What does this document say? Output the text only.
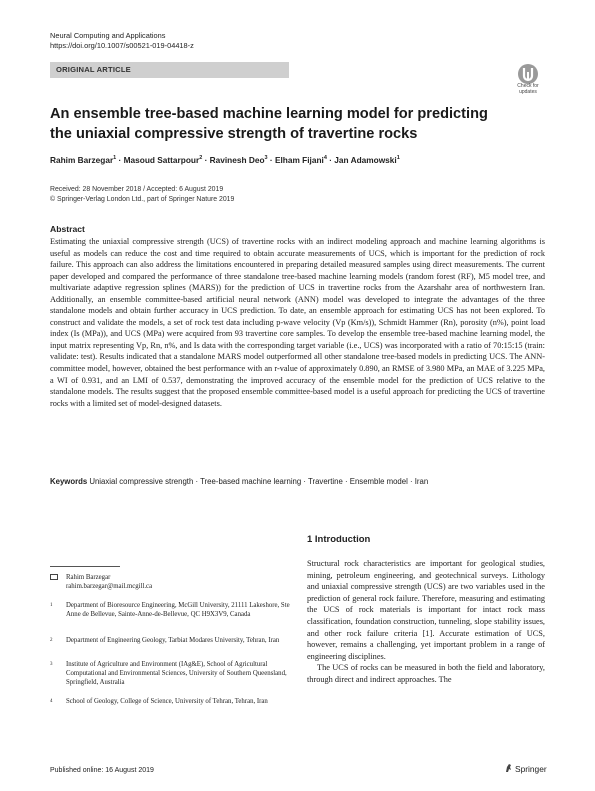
Neural Computing and Applications
https://doi.org/10.1007/s00521-019-04418-z
ORIGINAL ARTICLE
Check for
updates
An ensemble tree-based machine learning model for predicting
the uniaxial compressive strength of travertine rocks
Rahim Barzegar$^1$ · Masoud Sattarpour$^2$ · Ravinesh Deo$^3$ · Elham Fijani$^4$ · Jan Adamowski$^1$
Received: 28 November 2018 / Accepted: 6 August 2019
© Springer-Verlag London Ltd., part of Springer Nature 2019
Abstract
Estimating the uniaxial compressive strength (UCS) of travertine rocks with an indirect modeling approach and machine learning algorithms is useful as models can reduce the cost and time required to obtain accurate measurements of UCS, which is important for the prediction of rock failure. This approach can also address the limitations encountered in preparing detailed measured samples using direct measurements. The current paper developed and compared the performance of three standalone tree-based machine learning models (random forest (RF), M5 model tree, and multivariate adaptive regression splines (MARS)) for the prediction of UCS in travertine rocks from the Azarshahr area of northwestern Iran. Additionally, an ensemble committee-based artificial neural network (ANN) model was developed to integrate the advantages of the three standalone models and obtain further accuracy in UCS prediction. To date, an ensemble approach for estimating UCS has not been explored. To construct and validate the models, a set of rock test data including p-wave velocity (Vp (Km/s)), Schmidt Hammer (Rn), porosity (n%), point load index (Is (MPa)), and UCS (MPa) were acquired from 93 travertine core samples. To develop the ensemble tree-based machine learning model, the input matrix representing Vp, Rn, n%, and Is data with the corresponding target variable (i.e., UCS) was incorporated with a ratio of 70:15:15 (train: validate: test). Results indicated that a standalone MARS model outperformed all other standalone tree-based models in predicting UCS. The ANN-committee model, however, obtained the best performance with an r-value of approximately 0.890, an RMSE of 3.980 MPa, an MAE of 3.225 MPa, a WI of 0.931, and an LMI of 0.537, demonstrating the improved accuracy of the ensemble model for the prediction of UCS relative to the standalone models. The results suggest that the proposed ensemble committee-based model is a useful approach for predicting the UCS of travertine rocks with a limited set of model-designed datasets.
Keywords Uniaxial compressive strength · Tree-based machine learning · Travertine · Ensemble model · Iran
Rahim Barzegar
rahim.barzegar@mail.mcgill.ca
1 Department of Bioresource Engineering, McGill University, 21111 Lakeshore, Ste Anne de Bellevue, Sainte-Anne-de-Bellevue, QC H9X3V9, Canada
2 Department of Engineering Geology, Tarbiat Modares University, Tehran, Iran
3 Institute of Agriculture and Environment (IAg&E), School of Agricultural Computational and Environmental Sciences, University of Southern Queensland, Springfield, Australia
4 School of Geology, College of Science, University of Tehran, Tehran, Iran
1 Introduction

Structural rock characteristics are important for geological studies, mining, petroleum engineering, and geotechnical surveys. Lithology and uniaxial compressive strength (UCS) are two variables used in the prediction of general rock failure. Therefore, measuring and estimating the UCS of rock materials is important for intact rock mass classification, foundation construction, tunneling, slope stability issues, and other rock failure criteria [1]. Accurate estimation of UCS, however, remains a challenging, yet important problem in a range of engineering disciplines.

The UCS of rocks can be measured in both the field and laboratory, through direct and indirect approaches. The

Published online: 16 August 2019	Springer
